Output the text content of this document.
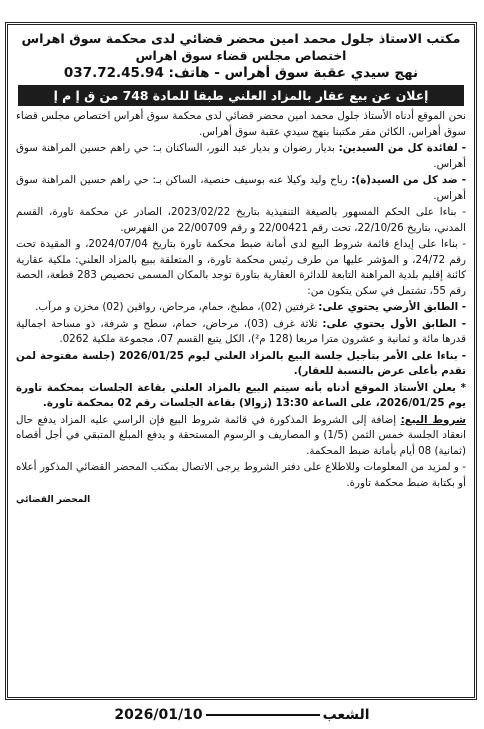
مكتب الاستاذ جلول محمد امين محضر قضائي لدى محكمة سوق اهراس
اختصاص مجلس قضاء سوق اهراس
نهج سيدي عقبة سوق أهراس - هاتف: 037.72.45.94
إعلان عن بيع عقار بالمزاد العلني طبقا للمادة 748 من ق إ م إ

نحن الموقع أدناه الأستاذ جلول محمد امين محضر قضائي لدى محكمة سوق أهراس اختصاص مجلس قضاء سوق أهراس، الكائن مقر مكتبنا بنهج سيدي عقبة سوق أهراس.

- لفائدة كل من السيدين: بديار رضوان و بديار عبد النور، الساكنان بـ: حي راهم حسين المراهنة سوق أهراس.

- ضد كل من السيد(ة): رباح وليد وكيلا عنه بوسيف حنصية، الساكن بـ: حي راهم حسين المراهنة سوق أهراس.

- بناءا على الحكم المسهور بالصيغة التنفيذية بتاريخ 2023/02/22، الصادر عن محكمة تاورة، القسم المدني، بتاريخ 22/10/26، تحت رقم 22/00421 و رقم 22/00709 من الفهرس.

- بناءا على إيداع قائمة شروط البيع لدى أمانة ضبط محكمة تاورة بتاريخ 2024/07/04، و المقيدة تحت رقم 24/72، و المؤشر عليها من طرف رئيس محكمة تاورة، و المتعلقة ببيع بالمزاد العلني: ملكية عقارية كائنة إقليم بلدية المراهنة التابعة للدائرة العقارية بتاورة توجد بالمكان المسمى تحصيص 283 قطعة، الحصة رقم 55، تشتمل في سكن يتكون من:

- الطابق الأرضي يحتوي على: غرفتين (02)، مطبخ، حمام، مرحاض، رواقين (02) مخزن و مرآب.

- الطابق الأول يحتوي على: ثلاثة غرف (03)، مرحاض، حمام، سطح و شرفة، ذو مساحة اجمالية قدرها مائة و ثمانية و عشرون مترا مربعا (128 م²)، الكل يتبع القسم 07، مجموعة ملكية 0262.

- بناءا على الأمر بتأجيل جلسة البيع بالمزاد العلني ليوم 2026/01/25 (جلسة مفتوحة لمن تقدم بأعلى عرض بالنسبة للعقار).

* يعلن الأستاذ الموقع أدناه بأنه سيتم البيع بالمزاد العلني بقاعة الجلسات بمحكمة تاورة يوم 2026/01/25، على الساعة 13:30 (زوالا) بقاعة الجلسات رقم 02 بمحكمة تاورة.

شروط البيع: إضافة إلى الشروط المذكورة في قائمة شروط البيع فإن الراسي عليه المزاد يدفع حال انعقاد الجلسة خمس الثمن (1/5) و المصاريف و الرسوم المستحقة و يدفع المبلغ المتبقي في أجل أقصاه (ثمانية) 08 أيام بأمانة ضبط المحكمة.

- و لمزيد من المعلومات وللاطلاع على دفتر الشروط يرجى الاتصال بمكتب المحضر القضائي المذكور أعلاه أو بكتابة ضبط محكمة تاورة.

المحضر القضائي
الشعب
2026/01/10
